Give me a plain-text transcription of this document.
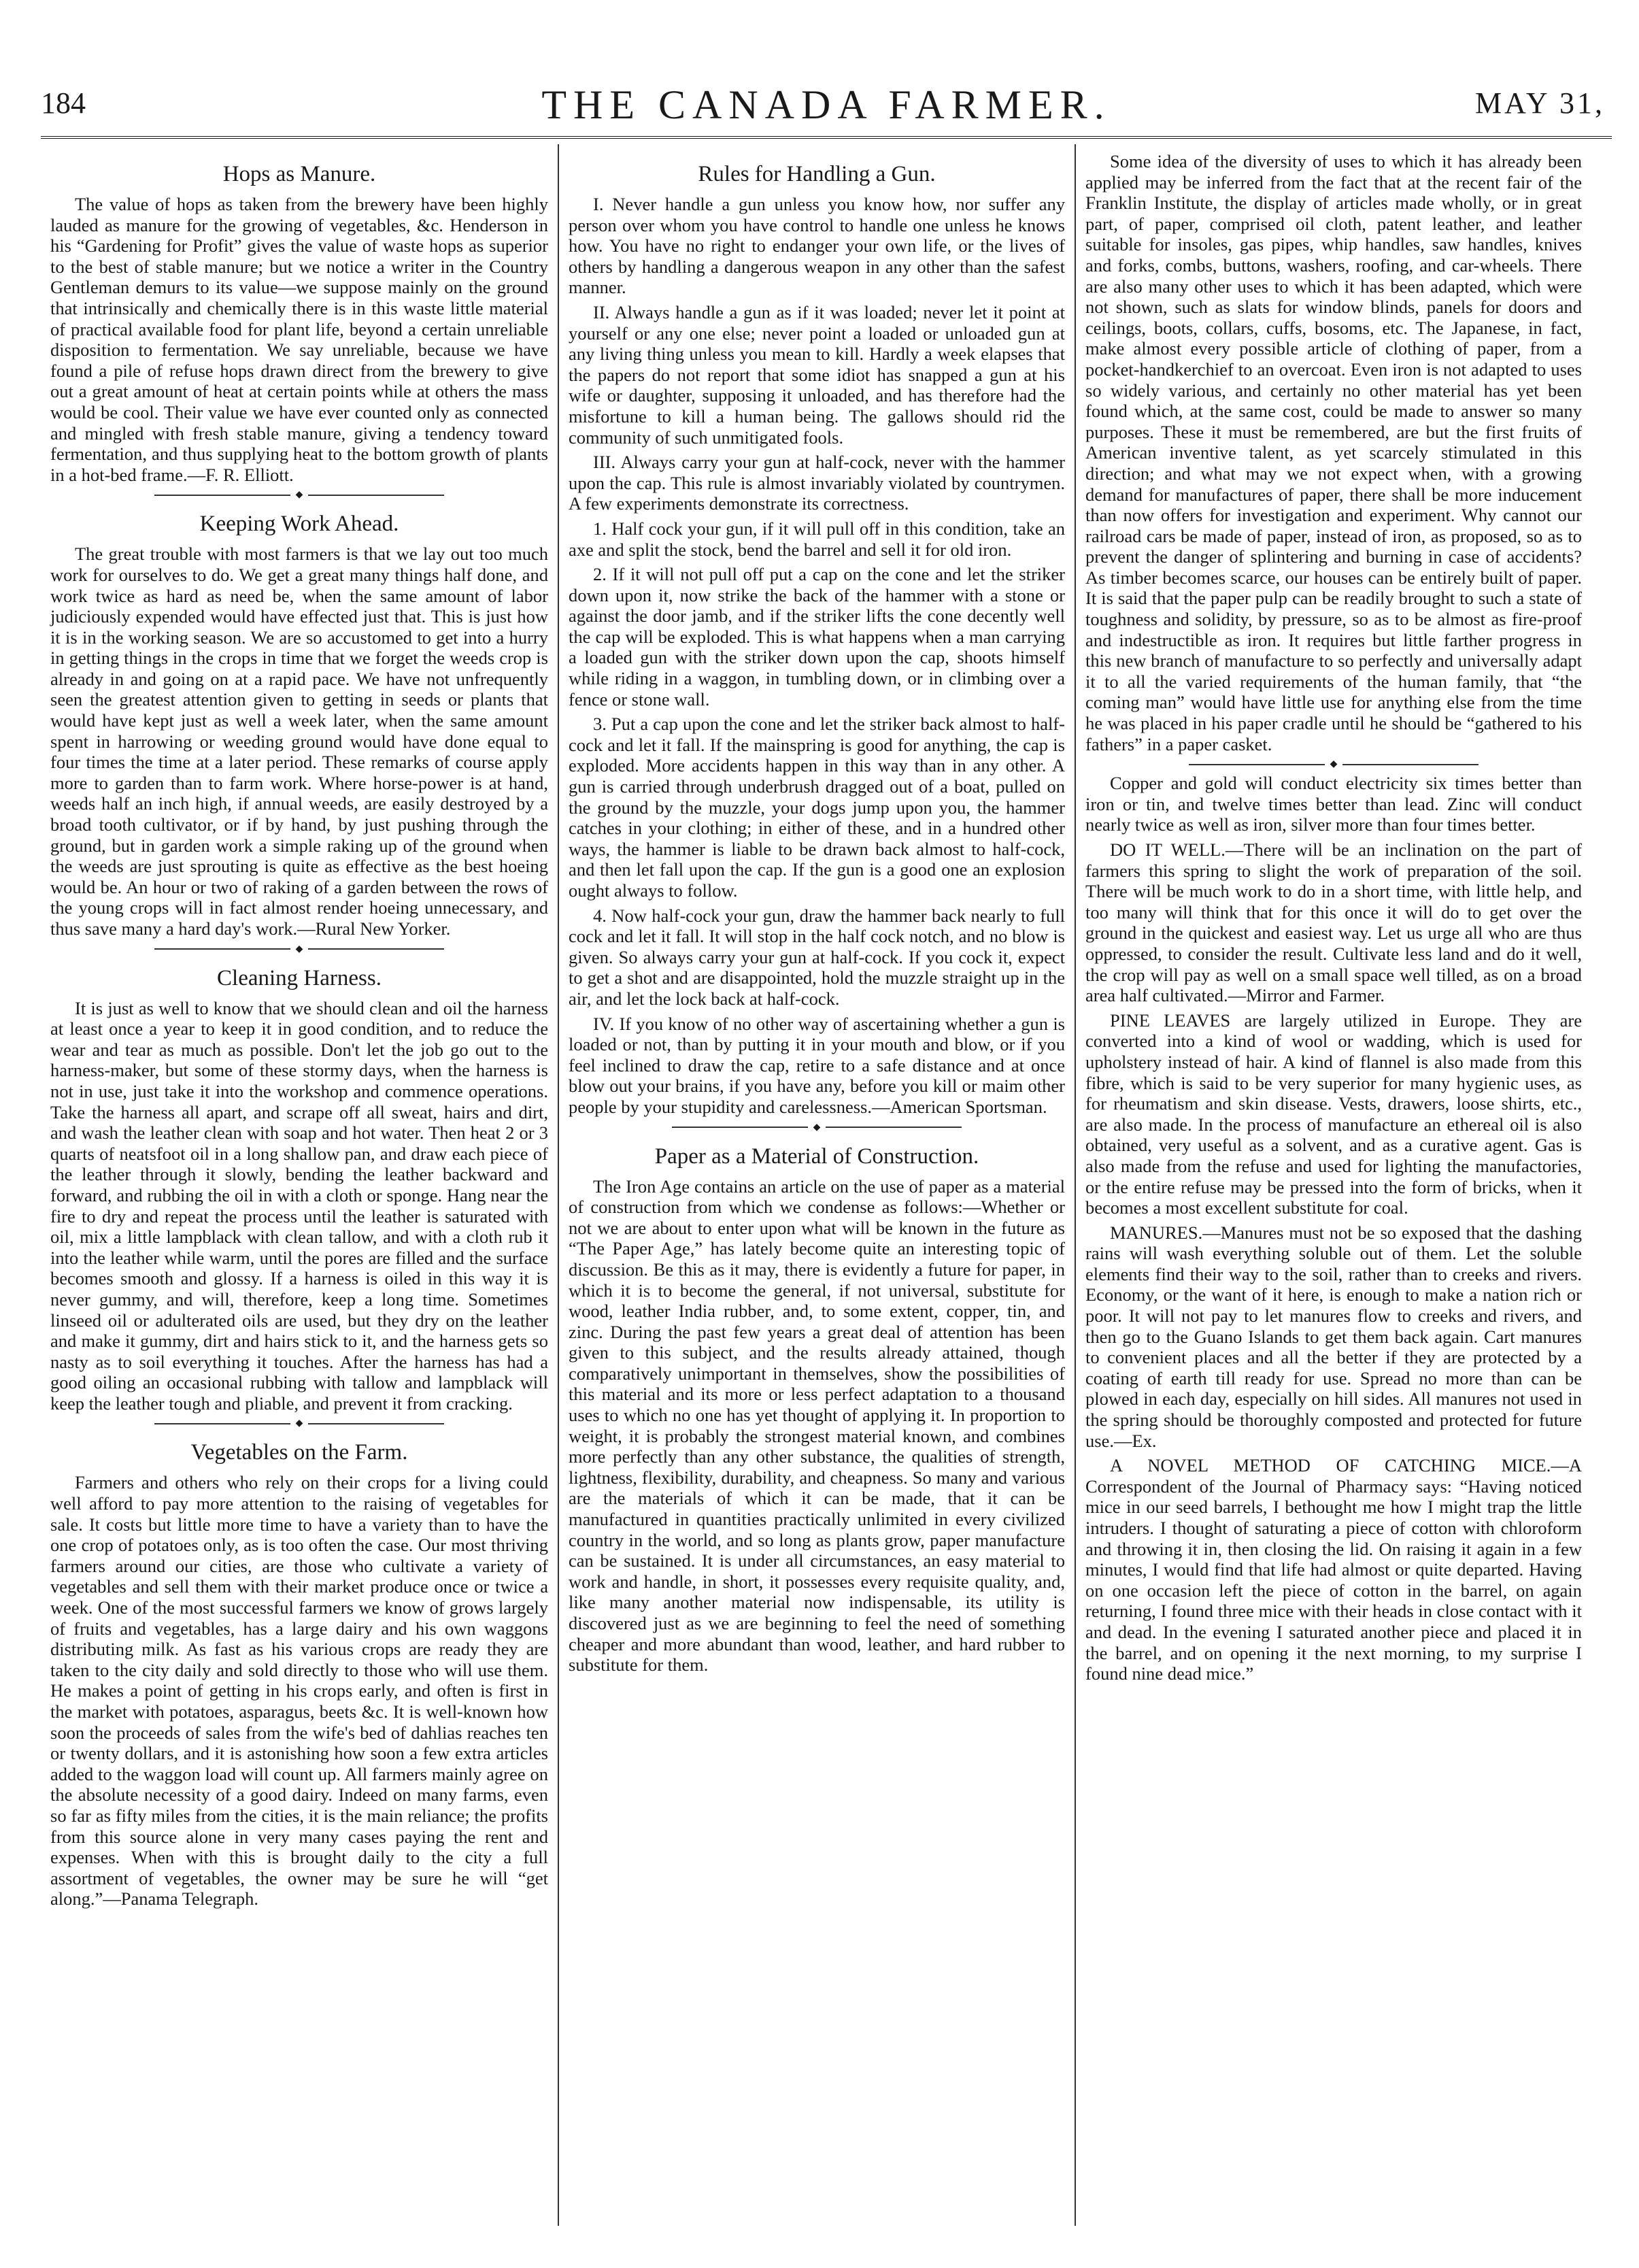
184	THE CANADA FARMER.	MAY 31,
Hops as Manure.

The value of hops as taken from the brewery have been highly lauded as manure for the growing of vegetables, &c. Henderson in his “Gardening for Profit” gives the value of waste hops as superior to the best of stable manure; but we notice a writer in the Country Gentleman demurs to its value—we suppose mainly on the ground that intrinsically and chemically there is in this waste little material of practical available food for plant life, beyond a certain unreliable disposition to fermentation. We say unreliable, because we have found a pile of refuse hops drawn direct from the brewery to give out a great amount of heat at certain points while at others the mass would be cool. Their value we have ever counted only as connected and mingled with fresh stable manure, giving a tendency toward fermentation, and thus supplying heat to the bottom growth of plants in a hot-bed frame.—F. R. Elliott.

◆
Keeping Work Ahead.

The great trouble with most farmers is that we lay out too much work for ourselves to do. We get a great many things half done, and work twice as hard as need be, when the same amount of labor judiciously expended would have effected just that. This is just how it is in the working season. We are so accustomed to get into a hurry in getting things in the crops in time that we forget the weeds crop is already in and going on at a rapid pace. We have not unfrequently seen the greatest attention given to getting in seeds or plants that would have kept just as well a week later, when the same amount spent in harrowing or weeding ground would have done equal to four times the time at a later period. These remarks of course apply more to garden than to farm work. Where horse-power is at hand, weeds half an inch high, if annual weeds, are easily destroyed by a broad tooth cultivator, or if by hand, by just pushing through the ground, but in garden work a simple raking up of the ground when the weeds are just sprouting is quite as effective as the best hoeing would be. An hour or two of raking of a garden between the rows of the young crops will in fact almost render hoeing unnecessary, and thus save many a hard day's work.—Rural New Yorker.

◆
Cleaning Harness.

It is just as well to know that we should clean and oil the harness at least once a year to keep it in good condition, and to reduce the wear and tear as much as possible. Don't let the job go out to the harness-maker, but some of these stormy days, when the harness is not in use, just take it into the workshop and commence operations. Take the harness all apart, and scrape off all sweat, hairs and dirt, and wash the leather clean with soap and hot water. Then heat 2 or 3 quarts of neatsfoot oil in a long shallow pan, and draw each piece of the leather through it slowly, bending the leather backward and forward, and rubbing the oil in with a cloth or sponge. Hang near the fire to dry and repeat the process until the leather is saturated with oil, mix a little lampblack with clean tallow, and with a cloth rub it into the leather while warm, until the pores are filled and the surface becomes smooth and glossy. If a harness is oiled in this way it is never gummy, and will, therefore, keep a long time. Sometimes linseed oil or adulterated oils are used, but they dry on the leather and make it gummy, dirt and hairs stick to it, and the harness gets so nasty as to soil everything it touches. After the harness has had a good oiling an occasional rubbing with tallow and lampblack will keep the leather tough and pliable, and prevent it from cracking.

◆
Vegetables on the Farm.

Farmers and others who rely on their crops for a living could well afford to pay more attention to the raising of vegetables for sale. It costs but little more time to have a variety than to have the one crop of potatoes only, as is too often the case. Our most thriving farmers around our cities, are those who cultivate a variety of vegetables and sell them with their market produce once or twice a week. One of the most successful farmers we know of grows largely of fruits and vegetables, has a large dairy and his own waggons distributing milk. As fast as his various crops are ready they are taken to the city daily and sold directly to those who will use them. He makes a point of getting in his crops early, and often is first in the market with potatoes, asparagus, beets &c. It is well-known how soon the proceeds of sales from the wife's bed of dahlias reaches ten or twenty dollars, and it is astonishing how soon a few extra articles added to the waggon load will count up. All farmers mainly agree on the absolute necessity of a good dairy. Indeed on many farms, even so far as fifty miles from the cities, it is the main reliance; the profits from this source alone in very many cases paying the rent and expenses. When with this is brought daily to the city a full assortment of vegetables, the owner may be sure he will “get along.”—Panama Telegraph.

Rules for Handling a Gun.

I. Never handle a gun unless you know how, nor suffer any person over whom you have control to handle one unless he knows how. You have no right to endanger your own life, or the lives of others by handling a dangerous weapon in any other than the safest manner.

II. Always handle a gun as if it was loaded; never let it point at yourself or any one else; never point a loaded or unloaded gun at any living thing unless you mean to kill. Hardly a week elapses that the papers do not report that some idiot has snapped a gun at his wife or daughter, supposing it unloaded, and has therefore had the misfortune to kill a human being. The gallows should rid the community of such unmitigated fools.

III. Always carry your gun at half-cock, never with the hammer upon the cap. This rule is almost invariably violated by countrymen. A few experiments demonstrate its correctness.

1. Half cock your gun, if it will pull off in this condition, take an axe and split the stock, bend the barrel and sell it for old iron.

2. If it will not pull off put a cap on the cone and let the striker down upon it, now strike the back of the hammer with a stone or against the door jamb, and if the striker lifts the cone decently well the cap will be exploded. This is what happens when a man carrying a loaded gun with the striker down upon the cap, shoots himself while riding in a waggon, in tumbling down, or in climbing over a fence or stone wall.

3. Put a cap upon the cone and let the striker back almost to half-cock and let it fall. If the mainspring is good for anything, the cap is exploded. More accidents happen in this way than in any other. A gun is carried through underbrush dragged out of a boat, pulled on the ground by the muzzle, your dogs jump upon you, the hammer catches in your clothing; in either of these, and in a hundred other ways, the hammer is liable to be drawn back almost to half-cock, and then let fall upon the cap. If the gun is a good one an explosion ought always to follow.

4. Now half-cock your gun, draw the hammer back nearly to full cock and let it fall. It will stop in the half cock notch, and no blow is given. So always carry your gun at half-cock. If you cock it, expect to get a shot and are disappointed, hold the muzzle straight up in the air, and let the lock back at half-cock.

IV. If you know of no other way of ascertaining whether a gun is loaded or not, than by putting it in your mouth and blow, or if you feel inclined to draw the cap, retire to a safe distance and at once blow out your brains, if you have any, before you kill or maim other people by your stupidity and carelessness.—American Sportsman.

◆
Paper as a Material of Construction.

The Iron Age contains an article on the use of paper as a material of construction from which we condense as follows:—Whether or not we are about to enter upon what will be known in the future as “The Paper Age,” has lately become quite an interesting topic of discussion. Be this as it may, there is evidently a future for paper, in which it is to become the general, if not universal, substitute for wood, leather India rubber, and, to some extent, copper, tin, and zinc. During the past few years a great deal of attention has been given to this subject, and the results already attained, though comparatively unimportant in themselves, show the possibilities of this material and its more or less perfect adaptation to a thousand uses to which no one has yet thought of applying it. In proportion to weight, it is probably the strongest material known, and combines more perfectly than any other substance, the qualities of strength, lightness, flexibility, durability, and cheapness. So many and various are the materials of which it can be made, that it can be manufactured in quantities practically unlimited in every civilized country in the world, and so long as plants grow, paper manufacture can be sustained. It is under all circumstances, an easy material to work and handle, in short, it possesses every requisite quality, and, like many another material now indispensable, its utility is discovered just as we are beginning to feel the need of something cheaper and more abundant than wood, leather, and hard rubber to substitute for them.

Some idea of the diversity of uses to which it has already been applied may be inferred from the fact that at the recent fair of the Franklin Institute, the display of articles made wholly, or in great part, of paper, comprised oil cloth, patent leather, and leather suitable for insoles, gas pipes, whip handles, saw handles, knives and forks, combs, buttons, washers, roofing, and car-wheels. There are also many other uses to which it has been adapted, which were not shown, such as slats for window blinds, panels for doors and ceilings, boots, collars, cuffs, bosoms, etc. The Japanese, in fact, make almost every possible article of clothing of paper, from a pocket-handkerchief to an overcoat. Even iron is not adapted to uses so widely various, and certainly no other material has yet been found which, at the same cost, could be made to answer so many purposes. These it must be remembered, are but the first fruits of American inventive talent, as yet scarcely stimulated in this direction; and what may we not expect when, with a growing demand for manufactures of paper, there shall be more inducement than now offers for investigation and experiment. Why cannot our railroad cars be made of paper, instead of iron, as proposed, so as to prevent the danger of splintering and burning in case of accidents? As timber becomes scarce, our houses can be entirely built of paper. It is said that the paper pulp can be readily brought to such a state of toughness and solidity, by pressure, so as to be almost as fire-proof and indestructible as iron. It requires but little farther progress in this new branch of manufacture to so perfectly and universally adapt it to all the varied requirements of the human family, that “the coming man” would have little use for anything else from the time he was placed in his paper cradle until he should be “gathered to his fathers” in a paper casket.

◆

Copper and gold will conduct electricity six times better than iron or tin, and twelve times better than lead. Zinc will conduct nearly twice as well as iron, silver more than four times better.

DO IT WELL.—There will be an inclination on the part of farmers this spring to slight the work of preparation of the soil. There will be much work to do in a short time, with little help, and too many will think that for this once it will do to get over the ground in the quickest and easiest way. Let us urge all who are thus oppressed, to consider the result. Cultivate less land and do it well, the crop will pay as well on a small space well tilled, as on a broad area half cultivated.—Mirror and Farmer.

PINE LEAVES are largely utilized in Europe. They are converted into a kind of wool or wadding, which is used for upholstery instead of hair. A kind of flannel is also made from this fibre, which is said to be very superior for many hygienic uses, as for rheumatism and skin disease. Vests, drawers, loose shirts, etc., are also made. In the process of manufacture an ethereal oil is also obtained, very useful as a solvent, and as a curative agent. Gas is also made from the refuse and used for lighting the manufactories, or the entire refuse may be pressed into the form of bricks, when it becomes a most excellent substitute for coal.

MANURES.—Manures must not be so exposed that the dashing rains will wash everything soluble out of them. Let the soluble elements find their way to the soil, rather than to creeks and rivers. Economy, or the want of it here, is enough to make a nation rich or poor. It will not pay to let manures flow to creeks and rivers, and then go to the Guano Islands to get them back again. Cart manures to convenient places and all the better if they are protected by a coating of earth till ready for use. Spread no more than can be plowed in each day, especially on hill sides. All manures not used in the spring should be thoroughly composted and protected for future use.—Ex.

A NOVEL METHOD OF CATCHING MICE.—A Correspondent of the Journal of Pharmacy says: “Having noticed mice in our seed barrels, I bethought me how I might trap the little intruders. I thought of saturating a piece of cotton with chloroform and throwing it in, then closing the lid. On raising it again in a few minutes, I would find that life had almost or quite departed. Having on one occasion left the piece of cotton in the barrel, on again returning, I found three mice with their heads in close contact with it and dead. In the evening I saturated another piece and placed it in the barrel, and on opening it the next morning, to my surprise I found nine dead mice.”
